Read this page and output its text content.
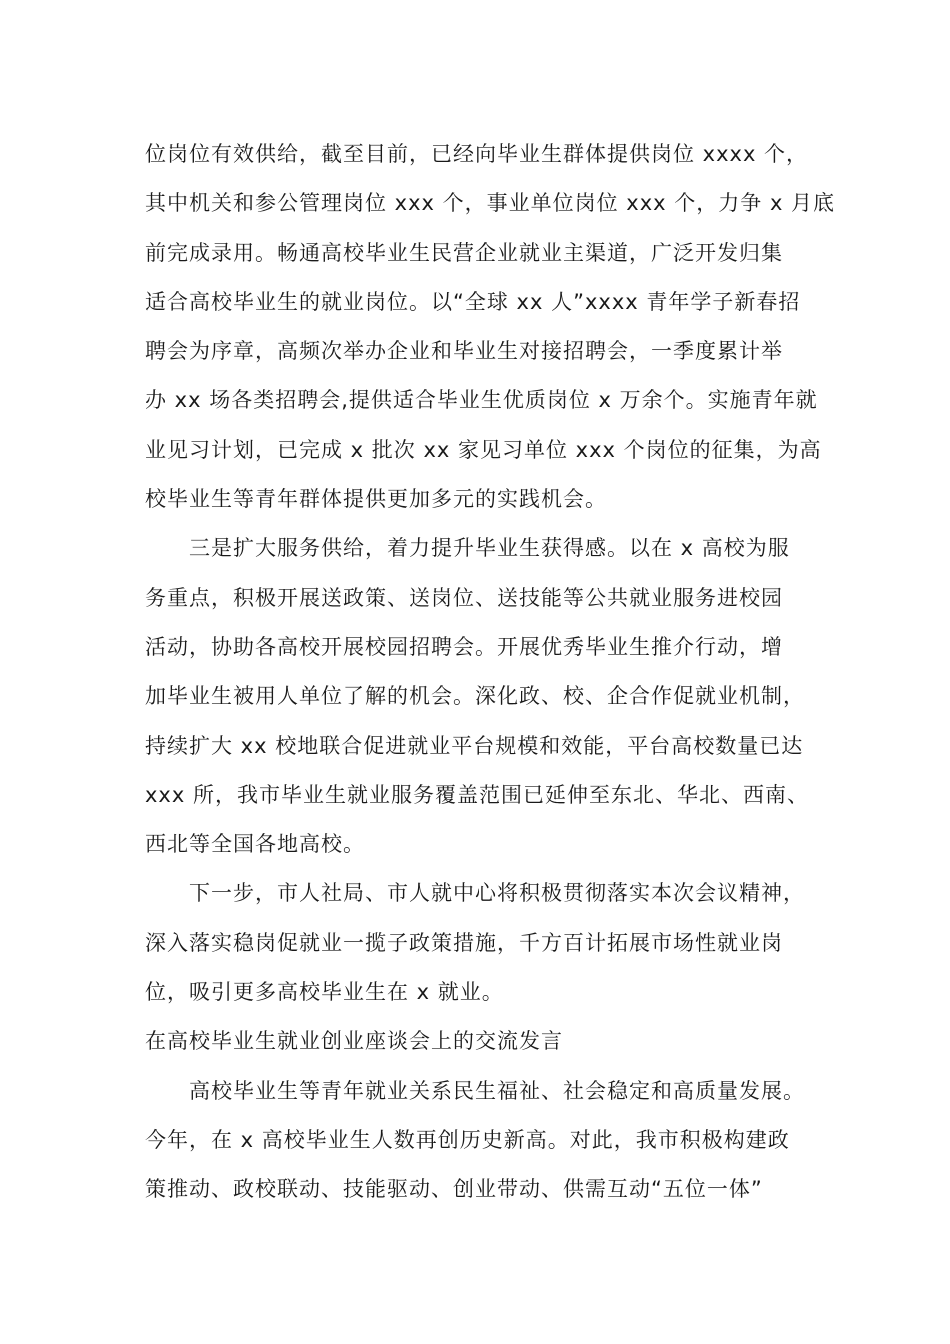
位岗位有效供给，截至目前，已经向毕业生群体提供岗位 xxxx 个，
其中机关和参公管理岗位 xxx 个，事业单位岗位 xxx 个，力争 x 月底
前完成录用。畅通高校毕业生民营企业就业主渠道，广泛开发归集
适合高校毕业生的就业岗位。以“全球 xx 人”xxxx 青年学子新春招
聘会为序章，高频次举办企业和毕业生对接招聘会，一季度累计举
办 xx 场各类招聘会,提供适合毕业生优质岗位 x 万余个。实施青年就
业见习计划，已完成 x 批次 xx 家见习单位 xxx 个岗位的征集，为高
校毕业生等青年群体提供更加多元的实践机会。

三是扩大服务供给，着力提升毕业生获得感。以在 x 高校为服
务重点，积极开展送政策、送岗位、送技能等公共就业服务进校园
活动，协助各高校开展校园招聘会。开展优秀毕业生推介行动，增
加毕业生被用人单位了解的机会。深化政、校、企合作促就业机制，
持续扩大 xx 校地联合促进就业平台规模和效能，平台高校数量已达
xxx 所，我市毕业生就业服务覆盖范围已延伸至东北、华北、西南、
西北等全国各地高校。

下一步，市人社局、市人就中心将积极贯彻落实本次会议精神，
深入落实稳岗促就业一揽子政策措施，千方百计拓展市场性就业岗
位，吸引更多高校毕业生在 x 就业。

在高校毕业生就业创业座谈会上的交流发言

高校毕业生等青年就业关系民生福祉、社会稳定和高质量发展。
今年，在 x 高校毕业生人数再创历史新高。对此，我市积极构建政
策推动、政校联动、技能驱动、创业带动、供需互动“五位一体”
